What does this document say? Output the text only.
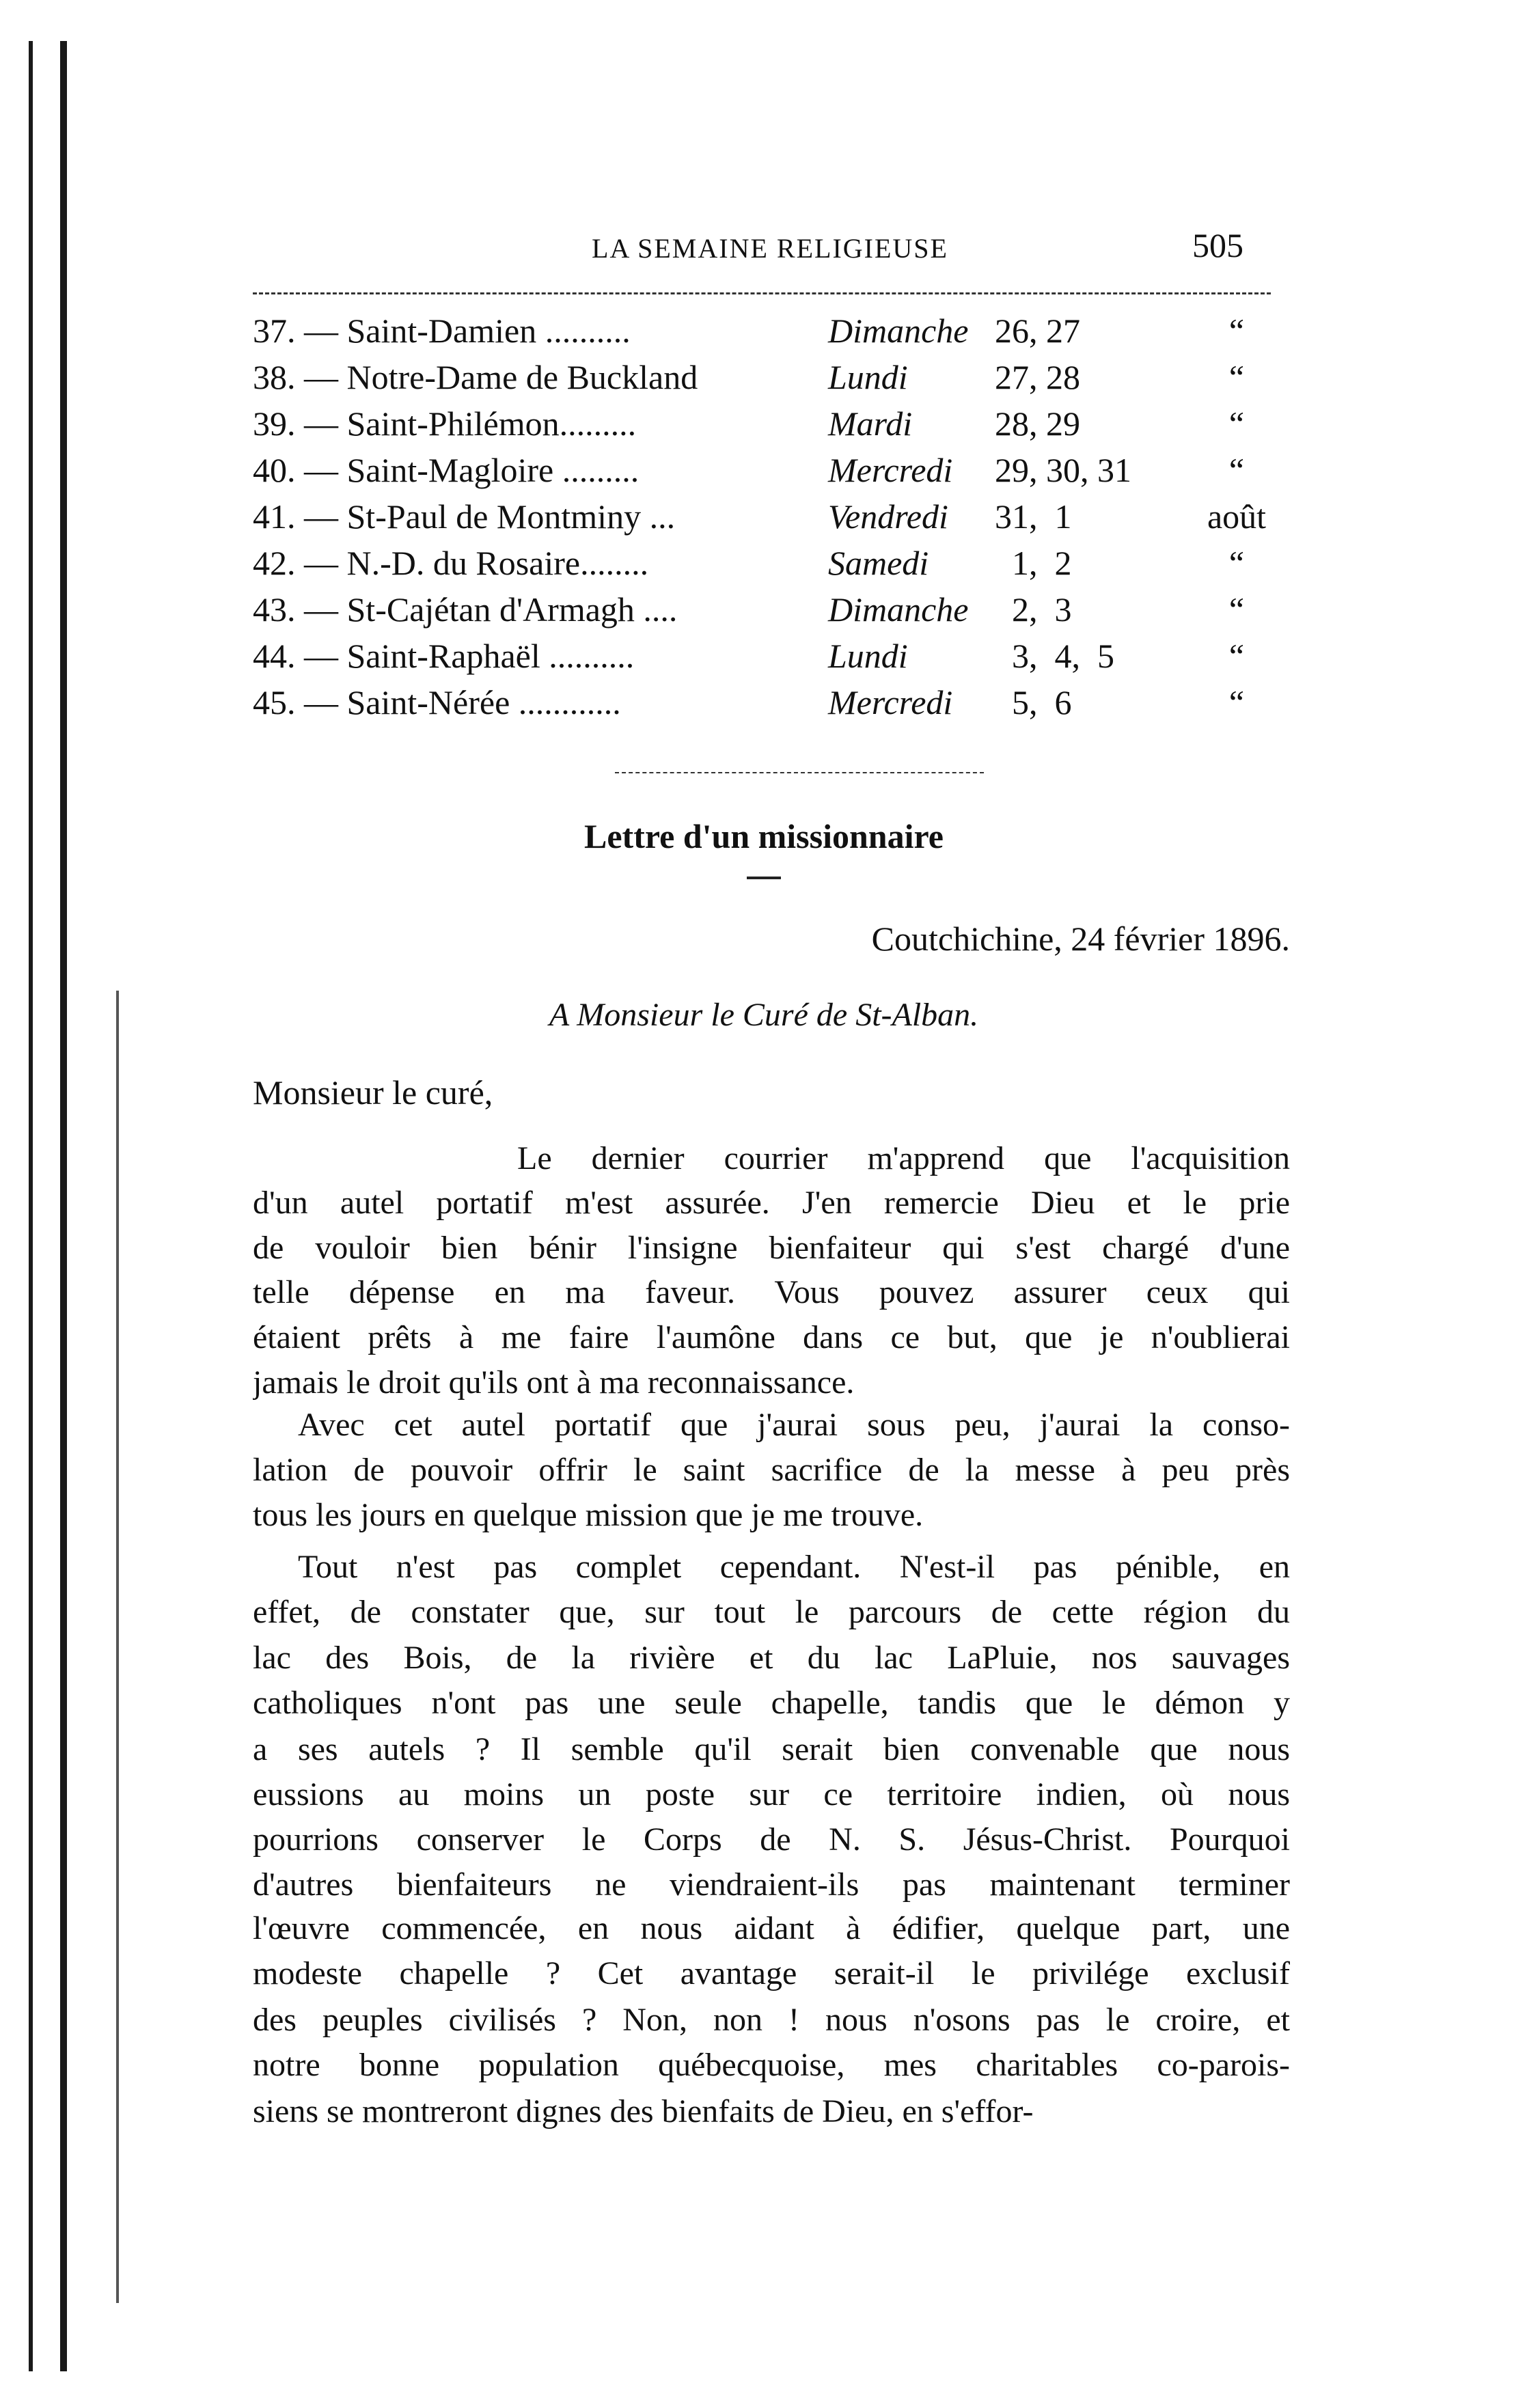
LA SEMAINE RELIGIEUSE	505
37. — Saint-Damien ..........	Dimanche 26, 27	“
38. — Notre-Dame de Buckland	Lundi	27, 28	“
39. — Saint-Philémon.........	Mardi 28, 29	“
40. — Saint-Magloire .........	Mercredi 29, 30, 31	“
41. — St-Paul de Montminy ...	Vendredi 31,  1	août
42. — N.-D. du Rosaire........	Samedi 1,  2	“
43. — St-Cajétan d'Armagh ....	Dimanche 2,  3	“
44. — Saint-Raphaël ..........	Lundi	3,  4,  5	“
45. — Saint-Nérée ............	Mercredi 5,  6	“
Lettre d'un missionnaire
Coutchichine, 24 février 1896.
A Monsieur le Curé de St-Alban.
Monsieur le curé,
Le dernier courrier m'apprend que l'acquisition
d'un autel portatif m'est assurée. J'en remercie Dieu et le prie
de vouloir bien bénir l'insigne bienfaiteur qui s'est chargé d'une
telle dépense en ma faveur. Vous pouvez assurer ceux qui
étaient prêts à me faire l'aumône dans ce but, que je n'oublierai
jamais le droit qu'ils ont à ma reconnaissance.
Avec cet autel portatif que j'aurai sous peu, j'aurai la conso-
lation de pouvoir offrir le saint sacrifice de la messe à peu près
tous les jours en quelque mission que je me trouve.
Tout n'est pas complet cependant. N'est-il pas pénible, en
effet, de constater que, sur tout le parcours de cette région du
lac des Bois, de la rivière et du lac LaPluie, nos sauvages
catholiques n'ont pas une seule chapelle, tandis que le démon y
a ses autels ? Il semble qu'il serait bien convenable que nous
eussions au moins un poste sur ce territoire indien, où nous
pourrions conserver le Corps de N. S. Jésus-Christ. Pourquoi
d'autres bienfaiteurs ne viendraient-ils pas maintenant terminer
l'œuvre commencée, en nous aidant à édifier, quelque part, une
modeste chapelle ? Cet avantage serait-il le privilége exclusif
des peuples civilisés ? Non, non ! nous n'osons pas le croire, et
notre bonne population québecquoise, mes charitables co-parois-
siens se montreront dignes des bienfaits de Dieu, en s'effor-
